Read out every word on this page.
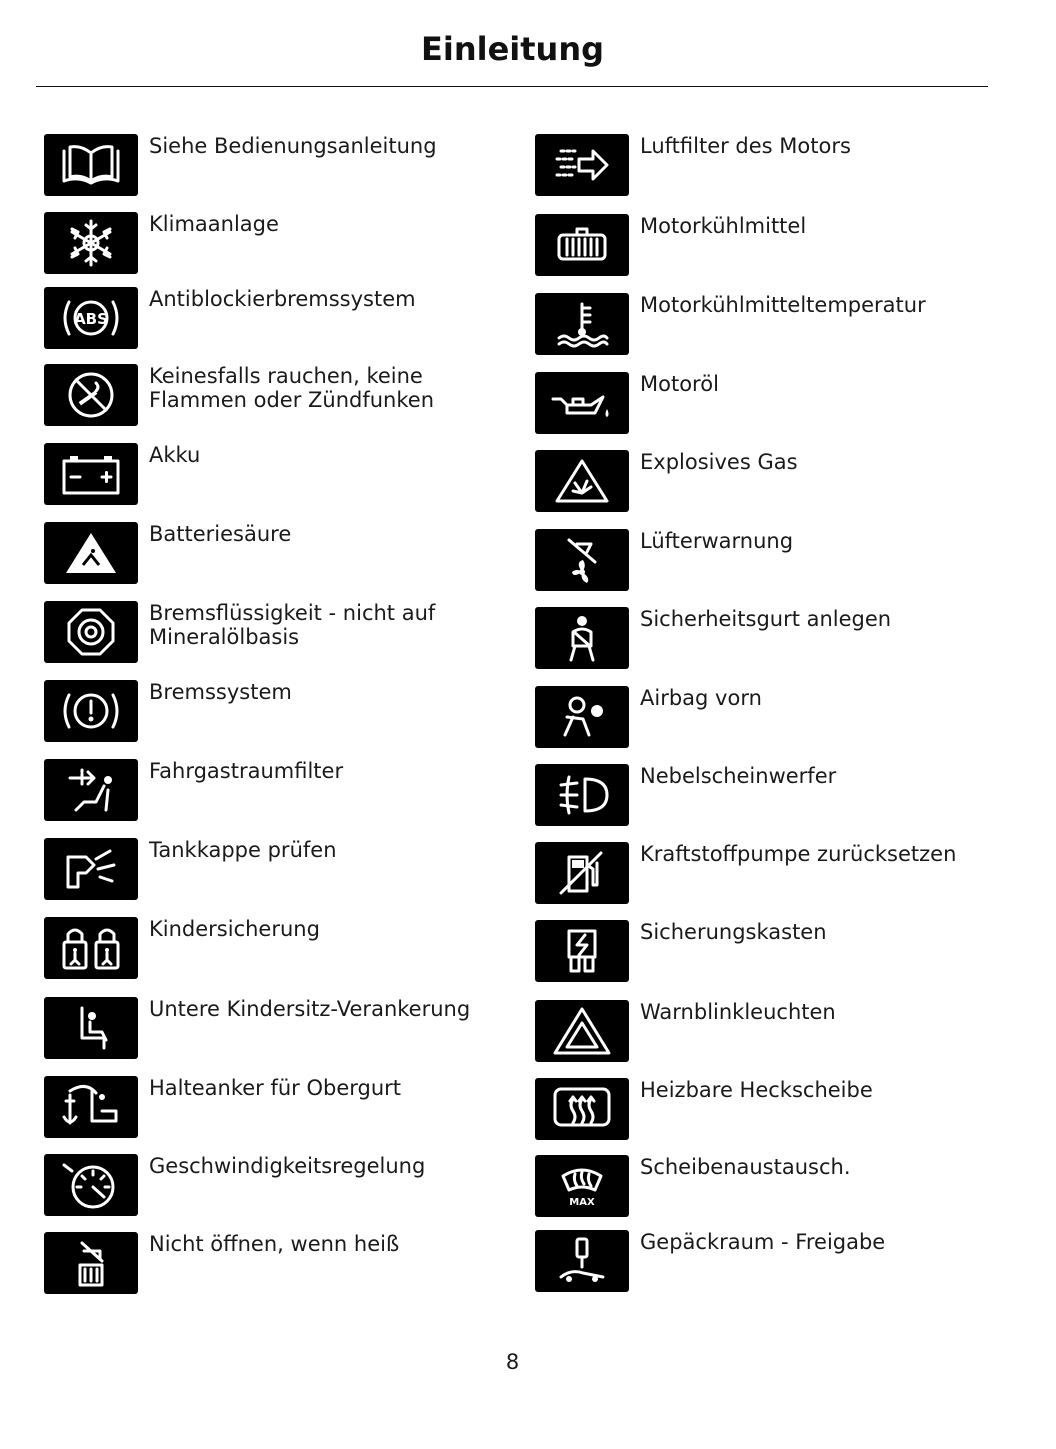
Einleitung
Siehe Bedienungsanleitung
Klimaanlage
ABS
Antiblockierbremssystem
Keinesfalls rauchen, keine
Flammen oder Zündfunken
Akku
Batteriesäure
Bremsflüssigkeit - nicht auf
Mineralölbasis
Bremssystem
Fahrgastraumfilter
Tankkappe prüfen
Kindersicherung
Untere Kindersitz-Verankerung
Halteanker für Obergurt
Geschwindigkeitsregelung
Nicht öffnen, wenn heiß
Luftfilter des Motors
Motorkühlmittel
Motorkühlmitteltemperatur
Motoröl
Explosives Gas
Lüfterwarnung
Sicherheitsgurt anlegen
Airbag vorn
Nebelscheinwerfer
Kraftstoffpumpe zurücksetzen
Sicherungskasten
Warnblinkleuchten
Heizbare Heckscheibe
MAX
Scheibenaustausch.
Gepäckraum - Freigabe
8
